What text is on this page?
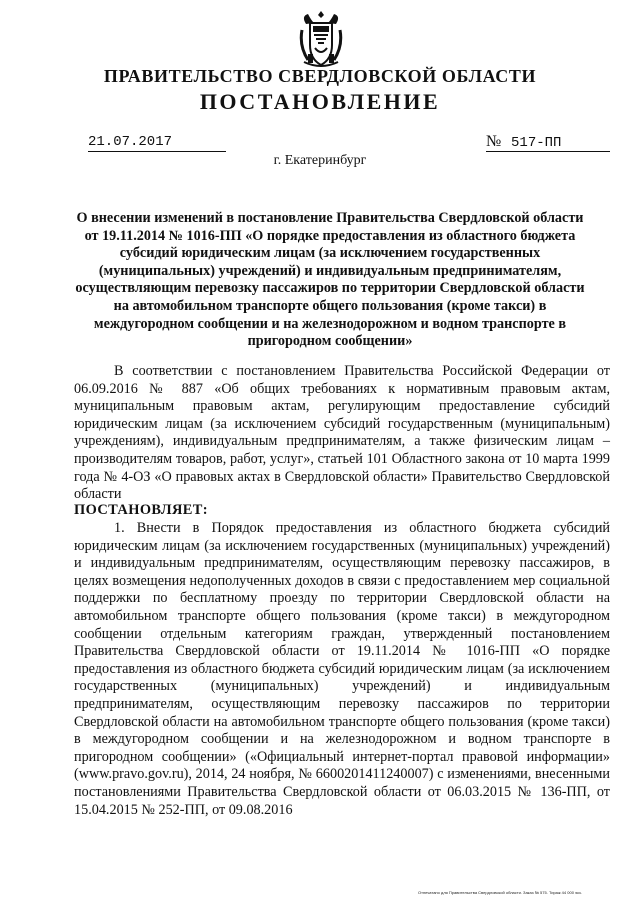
ПРАВИТЕЛЬСТВО СВЕРДЛОВСКОЙ ОБЛАСТИ
ПОСТАНОВЛЕНИЕ
21.07.2017	№ 517-ПП
г. Екатеринбург
О внесении изменений в постановление Правительства Свердловской области от 19.11.2014 № 1016-ПП «О порядке предоставления из областного бюджета субсидий юридическим лицам (за исключением государственных (муниципальных) учреждений) и индивидуальным предпринимателям, осуществляющим перевозку пассажиров по территории Свердловской области на автомобильном транспорте общего пользования (кроме такси) в междугородном сообщении и на железнодорожном и водном транспорте в пригородном сообщении»
В соответствии с постановлением Правительства Российской Федерации от 06.09.2016 № 887 «Об общих требованиях к нормативным правовым актам, муниципальным правовым актам, регулирующим предоставление субсидий юридическим лицам (за исключением субсидий государственным (муниципальным) учреждениям), индивидуальным предпринимателям, а также физическим лицам – производителям товаров, работ, услуг», статьей 101 Областного закона от 10 марта 1999 года № 4-ОЗ «О правовых актах в Свердловской области» Правительство Свердловской области
ПОСТАНОВЛЯЕТ:
1. Внести в Порядок предоставления из областного бюджета субсидий юридическим лицам (за исключением государственных (муниципальных) учреждений) и индивидуальным предпринимателям, осуществляющим перевозку пассажиров, в целях возмещения недополученных доходов в связи с предоставлением мер социальной поддержки по бесплатному проезду по территории Свердловской области на автомобильном транспорте общего пользования (кроме такси) в междугородном сообщении отдельным категориям граждан, утвержденный постановлением Правительства Свердловской области от 19.11.2014 № 1016-ПП «О порядке предоставления из областного бюджета субсидий юридическим лицам (за исключением государственных (муниципальных) учреждений) и индивидуальным предпринимателям, осуществляющим перевозку пассажиров по территории Свердловской области на автомобильном транспорте общего пользования (кроме такси) в междугородном сообщении и на железнодорожном и водном транспорте в пригородном сообщении» («Официальный интернет-портал правовой информации» (www.pravo.gov.ru), 2014, 24 ноября, № 6600201411240007) с изменениями, внесенными постановлениями Правительства Свердловской области от 06.03.2015 № 136-ПП, от 15.04.2015 № 252-ПП, от 09.08.2016
Отпечатано для Правительства Свердловской области. Заказ № 575. Тираж 44 000 экз.
